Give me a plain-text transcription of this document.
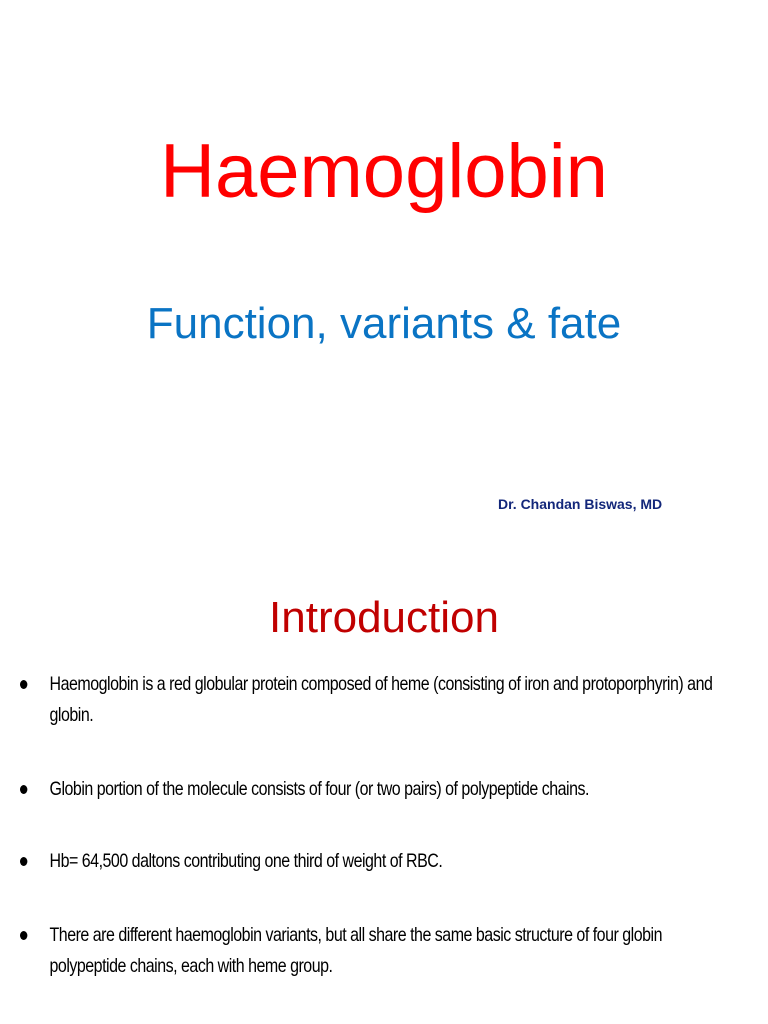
Haemoglobin
Function, variants & fate
Dr. Chandan Biswas, MD
Introduction
Haemoglobin is a red globular protein composed of heme (consisting of iron and protoporphyrin) and globin.
Globin portion of the molecule consists of four (or two pairs) of polypeptide chains.
Hb= 64,500 daltons contributing one third of weight of RBC.
There are different haemoglobin variants, but all share the same basic structure of four globin polypeptide chains, each with heme group.
